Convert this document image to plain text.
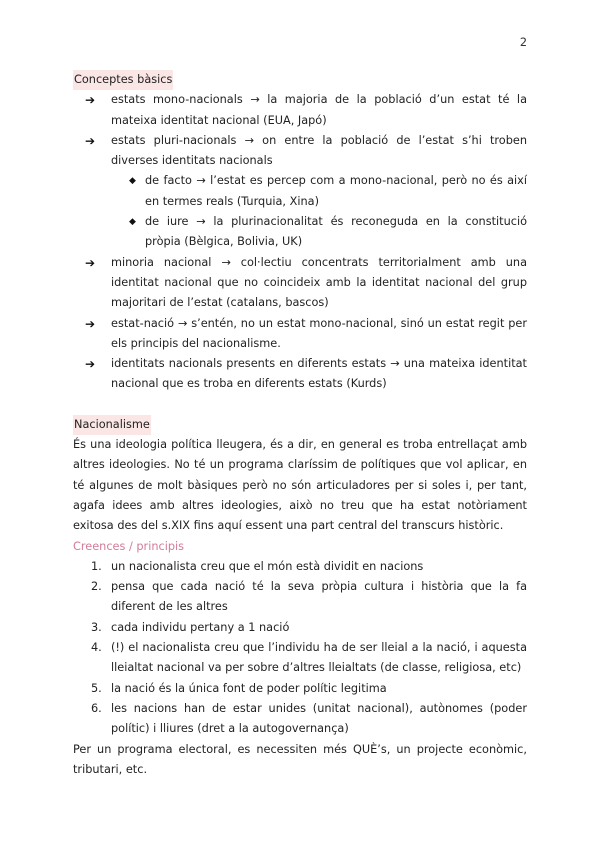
2
Conceptes bàsics
➔ estats mono-nacionals → la majoria de la població d’un estat té la mateixa identitat nacional (EUA, Japó)
➔ estats pluri-nacionals → on entre la població de l’estat s’hi troben diverses identitats nacionals
◆ de facto → l’estat es percep com a mono-nacional, però no és així en termes reals (Turquia, Xina)
◆ de iure → la plurinacionalitat és reconeguda en la constitució pròpia (Bèlgica, Bolivia, UK)
➔ minoria nacional → col·lectiu concentrats territorialment amb una identitat nacional que no coincideix amb la identitat nacional del grup majoritari de l’estat (catalans, bascos)
➔ estat-nació → s’entén, no un estat mono-nacional, sinó un estat regit per els principis del nacionalisme.
➔ identitats nacionals presents en diferents estats → una mateixa identitat nacional que es troba en diferents estats (Kurds)
Nacionalisme
És una ideologia política lleugera, és a dir, en general es troba entrellaçat amb altres ideologies. No té un programa claríssim de polítiques que vol aplicar, en té algunes de molt bàsiques però no són articuladores per si soles i, per tant, agafa idees amb altres ideologies, això no treu que ha estat notòriament exitosa des del s.XIX fins aquí essent una part central del transcurs històric.
Creences / principis
1. un nacionalista creu que el món està dividit en nacions
2. pensa que cada nació té la seva pròpia cultura i història que la fa diferent de les altres
3. cada individu pertany a 1 nació
4. (!) el nacionalista creu que l’individu ha de ser lleial a la nació, i aquesta lleialtat nacional va per sobre d’altres lleialtats (de classe, religiosa, etc)
5. la nació és la única font de poder polític legitima
6. les nacions han de estar unides (unitat nacional), autònomes (poder polític) i lliures (dret a la autogovernança)
Per un programa electoral, es necessiten més QUÈ’s, un projecte econòmic, tributari, etc.
